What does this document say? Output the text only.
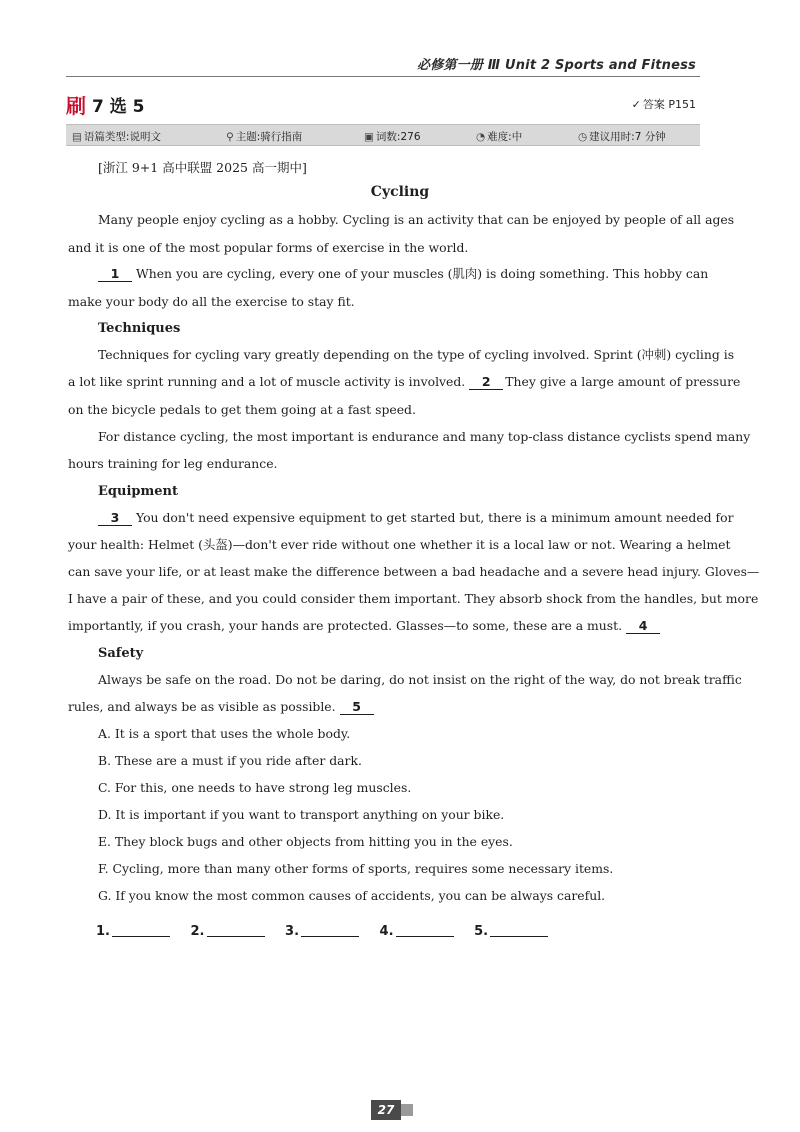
必修第一册 Ⅲ Unit 2 Sports and Fitness
刷 7 选 5	✓ 答案 P151
▤ 语篇类型:说明文	⚲ 主题:骑行指南	▣ 词数:276	◔ 难度:中	◷ 建议用时:7 分钟
[浙江 9+1 高中联盟 2025 高一期中]
Cycling
Many people enjoy cycling as a hobby. Cycling is an activity that can be enjoyed by people of all ages
and it is one of the most popular forms of exercise in the world.
1 When you are cycling, every one of your muscles (肌肉) is doing something. This hobby can
make your body do all the exercise to stay fit.
Techniques
Techniques for cycling vary greatly depending on the type of cycling involved. Sprint (冲刺) cycling is
a lot like sprint running and a lot of muscle activity is involved. 2 They give a large amount of pressure
on the bicycle pedals to get them going at a fast speed.
For distance cycling, the most important is endurance and many top-class distance cyclists spend many
hours training for leg endurance.
Equipment
3 You don't need expensive equipment to get started but, there is a minimum amount needed for
your health: Helmet (头盔)—don't ever ride without one whether it is a local law or not. Wearing a helmet
can save your life, or at least make the difference between a bad headache and a severe head injury. Gloves—
I have a pair of these, and you could consider them important. They absorb shock from the handles, but more
importantly, if you crash, your hands are protected. Glasses—to some, these are a must. 4
Safety
Always be safe on the road. Do not be daring, do not insist on the right of the way, do not break traffic
rules, and always be as visible as possible. 5
A. It is a sport that uses the whole body.
B. These are a must if you ride after dark.
C. For this, one needs to have strong leg muscles.
D. It is important if you want to transport anything on your bike.
E. They block bugs and other objects from hitting you in the eyes.
F. Cycling, more than many other forms of sports, requires some necessary items.
G. If you know the most common causes of accidents, you can be always careful.
1.	2.	3.	4.	5.
27
